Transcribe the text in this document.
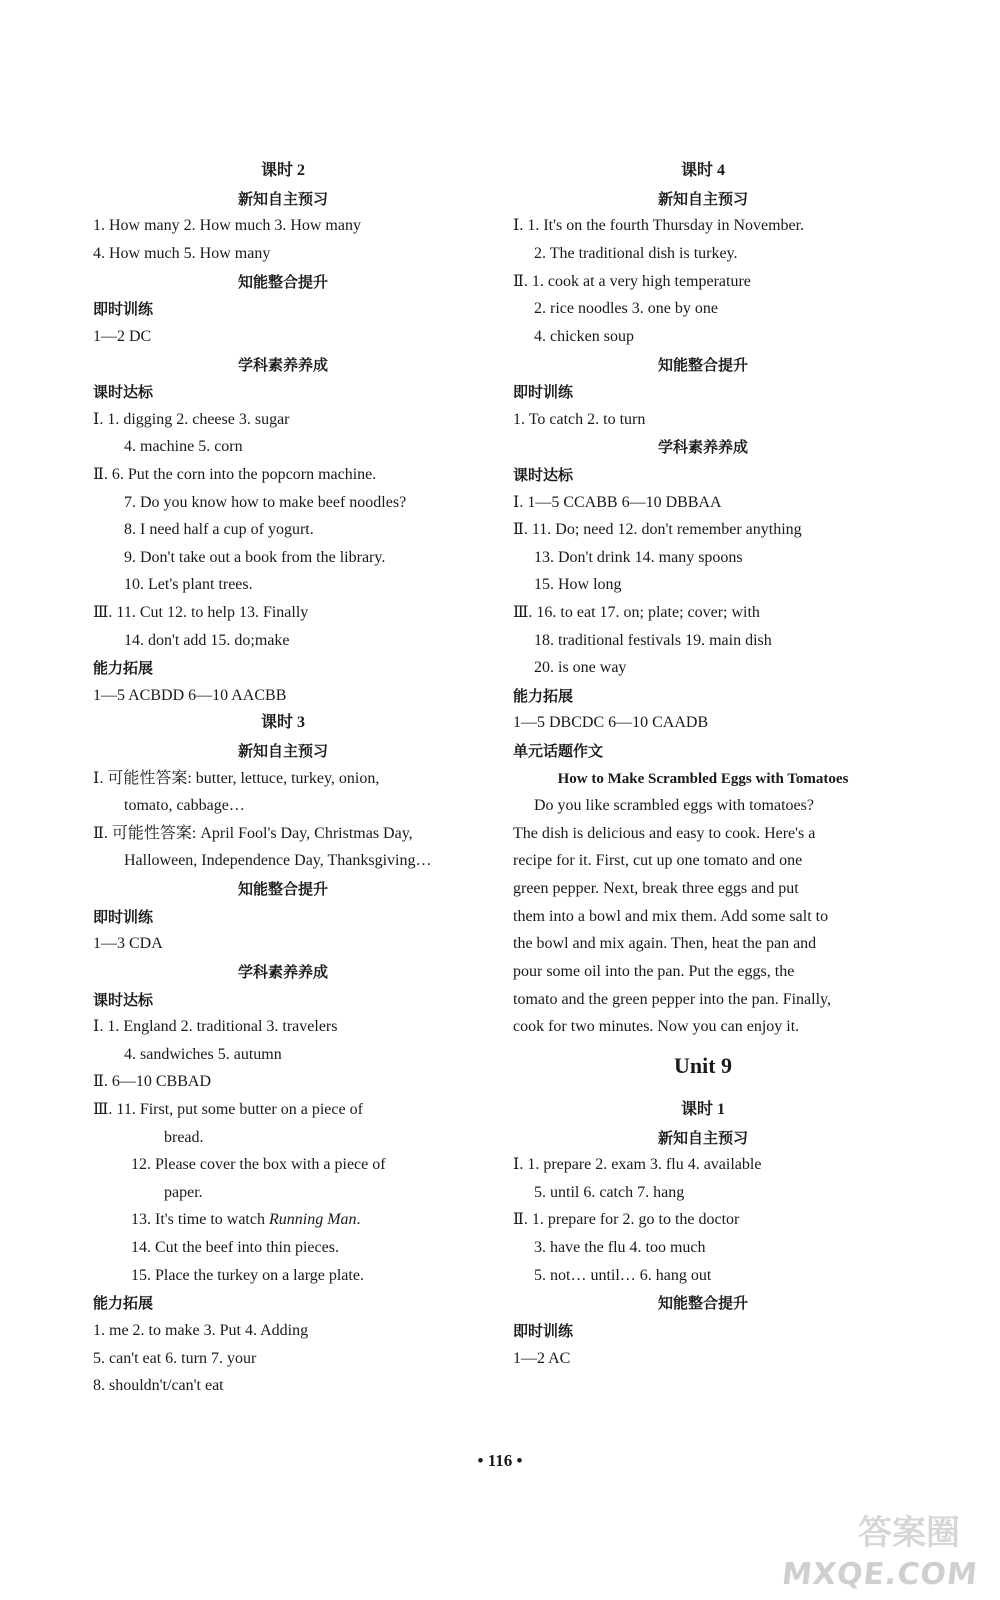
课时 2
新知自主预习
1. How many 2. How much 3. How many
4. How much 5. How many
知能整合提升
即时训练
1—2 DC
学科素养养成
课时达标
Ⅰ. 1. digging 2. cheese 3. sugar
4. machine 5. corn
Ⅱ. 6. Put the corn into the popcorn machine.
7. Do you know how to make beef noodles?
8. I need half a cup of yogurt.
9. Don't take out a book from the library.
10. Let's plant trees.
Ⅲ. 11. Cut 12. to help 13. Finally
14. don't add 15. do;make
能力拓展
1—5 ACBDD 6—10 AACBB
课时 3
新知自主预习
Ⅰ. 可能性答案: butter, lettuce, turkey, onion,
tomato, cabbage…
Ⅱ. 可能性答案: April Fool's Day, Christmas Day,
Halloween, Independence Day, Thanksgiving…
知能整合提升
即时训练
1—3 CDA
学科素养养成
课时达标
Ⅰ. 1. England 2. traditional 3. travelers
4. sandwiches 5. autumn
Ⅱ. 6—10 CBBAD
Ⅲ. 11. First, put some butter on a piece of
bread.
12. Please cover the box with a piece of
paper.
13. It's time to watch Running Man.
14. Cut the beef into thin pieces.
15. Place the turkey on a large plate.
能力拓展
1. me 2. to make 3. Put 4. Adding
5. can't eat 6. turn 7. your
8. shouldn't/can't eat
课时 4
新知自主预习
Ⅰ. 1. It's on the fourth Thursday in November.
2. The traditional dish is turkey.
Ⅱ. 1. cook at a very high temperature
2. rice noodles 3. one by one
4. chicken soup
知能整合提升
即时训练
1. To catch 2. to turn
学科素养养成
课时达标
Ⅰ. 1—5 CCABB 6—10 DBBAA
Ⅱ. 11. Do; need 12. don't remember anything
13. Don't drink 14. many spoons
15. How long
Ⅲ. 16. to eat 17. on; plate; cover; with
18. traditional festivals 19. main dish
20. is one way
能力拓展
1—5 DBCDC 6—10 CAADB
单元话题作文
How to Make Scrambled Eggs with Tomatoes
Do you like scrambled eggs with tomatoes?
The dish is delicious and easy to cook. Here's a
recipe for it. First, cut up one tomato and one
green pepper. Next, break three eggs and put
them into a bowl and mix them. Add some salt to
the bowl and mix again. Then, heat the pan and
pour some oil into the pan. Put the eggs, the
tomato and the green pepper into the pan. Finally,
cook for two minutes. Now you can enjoy it.
Unit 9
课时 1
新知自主预习
Ⅰ. 1. prepare 2. exam 3. flu 4. available
5. until 6. catch 7. hang
Ⅱ. 1. prepare for 2. go to the doctor
3. have the flu 4. too much
5. not… until… 6. hang out
知能整合提升
即时训练
1—2 AC
• 116 •
答案圈
MXQE.COM
